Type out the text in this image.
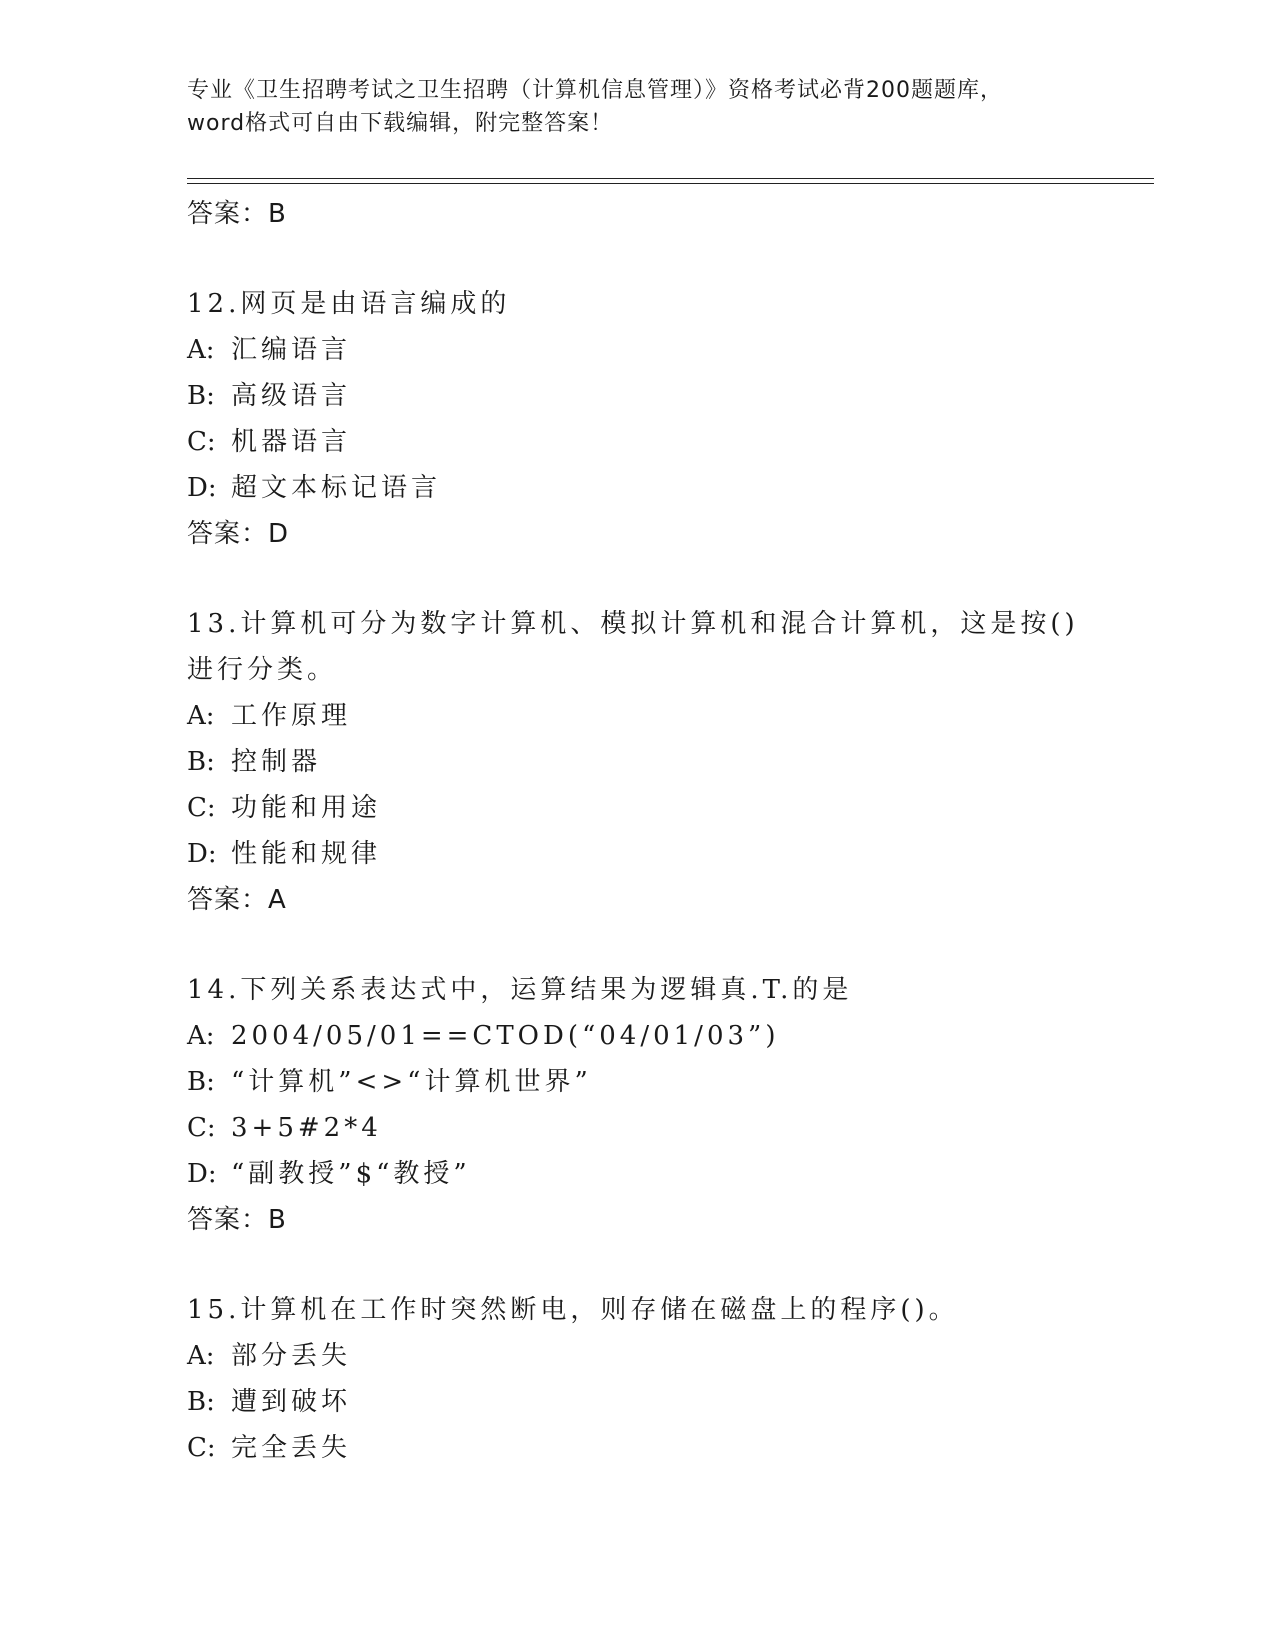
专业《卫生招聘考试之卫生招聘（计算机信息管理）》资格考试必背200题题库，
word格式可自由下载编辑，附完整答案！
答案：B
12.网页是由语言编成的
A: 汇编语言
B: 高级语言
C: 机器语言
D: 超文本标记语言
答案：D
13.计算机可分为数字计算机、模拟计算机和混合计算机，这是按()进行分类。
A: 工作原理
B: 控制器
C: 功能和用途
D: 性能和规律
答案：A
14.下列关系表达式中，运算结果为逻辑真.T.的是
A: 2004/05/01==CTOD(“04/01/03”)
B: “计算机”<>“计算机世界”
C: 3+5#2*4
D: “副教授”$“教授”
答案：B
15.计算机在工作时突然断电，则存储在磁盘上的程序()。
A: 部分丢失
B: 遭到破坏
C: 完全丢失
